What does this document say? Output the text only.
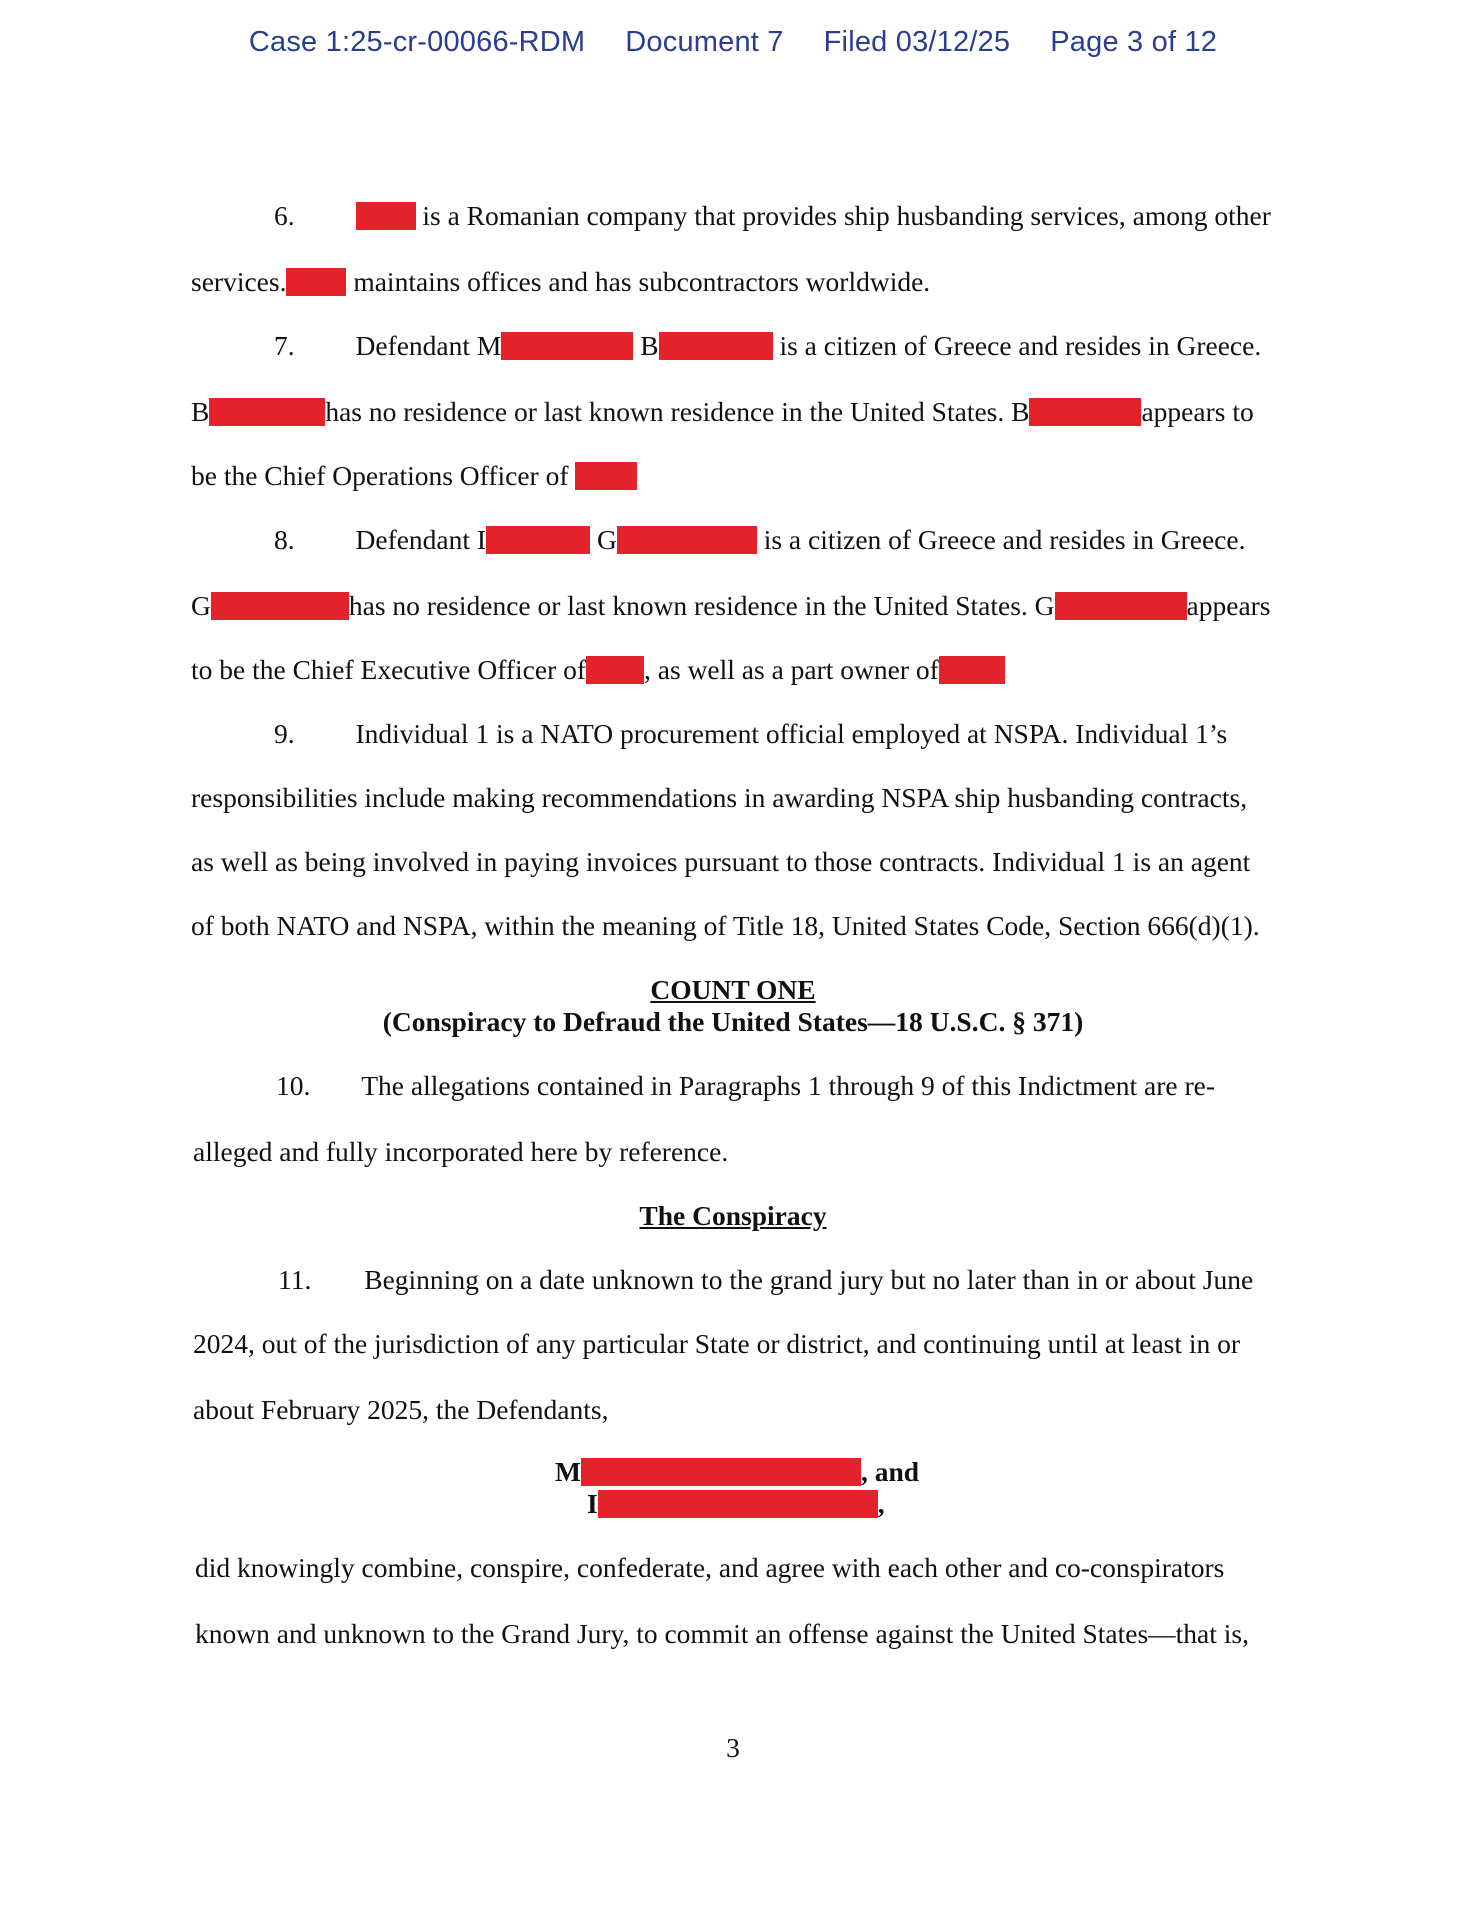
Case 1:25-cr-00066-RDM Document 7 Filed 03/12/25 Page 3 of 12
6.	is a Romanian company that provides ship husbanding services, among other
services. maintains offices and has subcontractors worldwide.
7. Defendant M	B	is a citizen of Greece and resides in Greece.
B	has no residence or last known residence in the United States. B	appears to
be the Chief Operations Officer of
8. Defendant I	G	is a citizen of Greece and resides in Greece.
G	has no residence or last known residence in the United States. G	appears
to be the Chief Executive Officer of , as well as a part owner of
9. Individual 1 is a NATO procurement official employed at NSPA. Individual 1’s
responsibilities include making recommendations in awarding NSPA ship husbanding contracts,
as well as being involved in paying invoices pursuant to those contracts. Individual 1 is an agent
of both NATO and NSPA, within the meaning of Title 18, United States Code, Section 666(d)(1).
COUNT ONE
(Conspiracy to Defraud the United States—18 U.S.C. § 371)
10. The allegations contained in Paragraphs 1 through 9 of this Indictment are re-
alleged and fully incorporated here by reference.
The Conspiracy
11. Beginning on a date unknown to the grand jury but no later than in or about June
2024, out of the jurisdiction of any particular State or district, and continuing until at least in or
about February 2025, the Defendants,
M	, and
I	,
did knowingly combine, conspire, confederate, and agree with each other and co-conspirators
known and unknown to the Grand Jury, to commit an offense against the United States—that is,
3
